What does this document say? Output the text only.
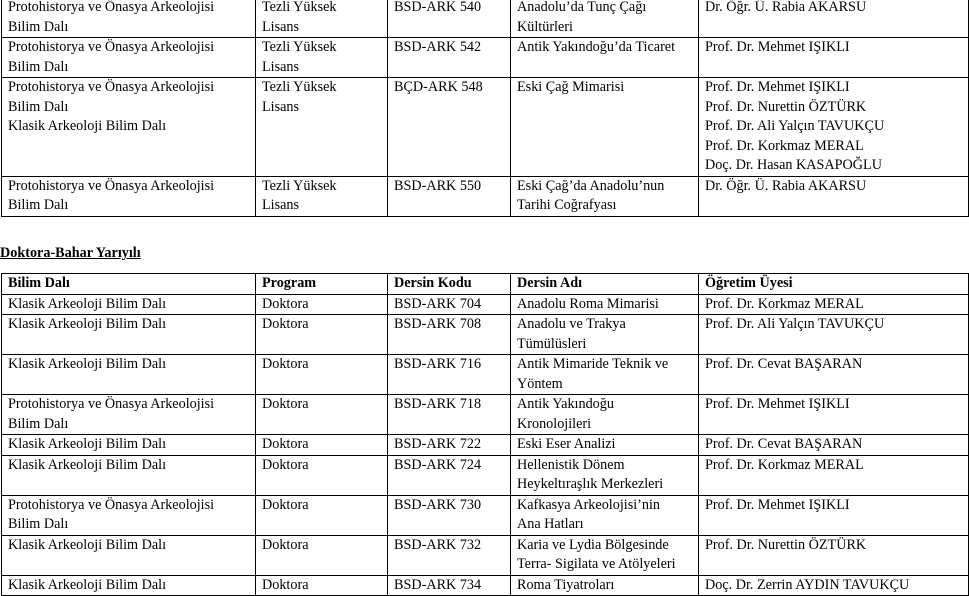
Protohistorya ve Önasya Arkeolojisi
Bilim Dalı	Tezli Yüksek
Lisans	BSD-ARK 540	Anadolu’da Tunç Çağı
Kültürleri	Dr. Öğr. Ü. Rabia AKARSU

Protohistorya ve Önasya Arkeolojisi
Bilim Dalı	Tezli Yüksek
Lisans	BSD-ARK 542	Antik Yakındoğu’da Ticaret	Prof. Dr. Mehmet IŞIKLI

Protohistorya ve Önasya Arkeolojisi
Bilim Dalı
Klasik Arkeoloji Bilim Dalı	Tezli Yüksek
Lisans	BÇD-ARK 548	Eski Çağ Mimarisi	Prof. Dr. Mehmet IŞIKLI
Prof. Dr. Nurettin ÖZTÜRK
Prof. Dr. Ali Yalçın TAVUKÇU
Prof. Dr. Korkmaz MERAL
Doç. Dr. Hasan KASAPOĞLU

Protohistorya ve Önasya Arkeolojisi
Bilim Dalı	Tezli Yüksek
Lisans	BSD-ARK 550	Eski Çağ’da Anadolu’nun
Tarihi Coğrafyası	Dr. Öğr. Ü. Rabia AKARSU
Doktora-Bahar Yarıyılı
Bilim Dalı	Program	Dersin Kodu	Dersin Adı	Öğretim Üyesi

Klasik Arkeoloji Bilim Dalı	Doktora	BSD-ARK 704	Anadolu Roma Mimarisi	Prof. Dr. Korkmaz MERAL

Klasik Arkeoloji Bilim Dalı	Doktora	BSD-ARK 708	Anadolu ve Trakya
Tümülüsleri	Prof. Dr. Ali Yalçın TAVUKÇU

Klasik Arkeoloji Bilim Dalı	Doktora	BSD-ARK 716	Antik Mimaride Teknik ve
Yöntem	Prof. Dr. Cevat BAŞARAN

Protohistorya ve Önasya Arkeolojisi
Bilim Dalı	Doktora	BSD-ARK 718	Antik Yakındoğu
Kronolojileri	Prof. Dr. Mehmet IŞIKLI

Klasik Arkeoloji Bilim Dalı	Doktora	BSD-ARK 722	Eski Eser Analizi	Prof. Dr. Cevat BAŞARAN

Klasik Arkeoloji Bilim Dalı	Doktora	BSD-ARK 724	Hellenistik Dönem
Heykeltıraşlık Merkezleri	Prof. Dr. Korkmaz MERAL

Protohistorya ve Önasya Arkeolojisi
Bilim Dalı	Doktora	BSD-ARK 730	Kafkasya Arkeolojisi’nin
Ana Hatları	Prof. Dr. Mehmet IŞIKLI

Klasik Arkeoloji Bilim Dalı	Doktora	BSD-ARK 732	Karia ve Lydia Bölgesinde
Terra- Sigilata ve Atölyeleri	Prof. Dr. Nurettin ÖZTÜRK

Klasik Arkeoloji Bilim Dalı	Doktora	BSD-ARK 734	Roma Tiyatroları	Doç. Dr. Zerrin AYDIN TAVUKÇU
